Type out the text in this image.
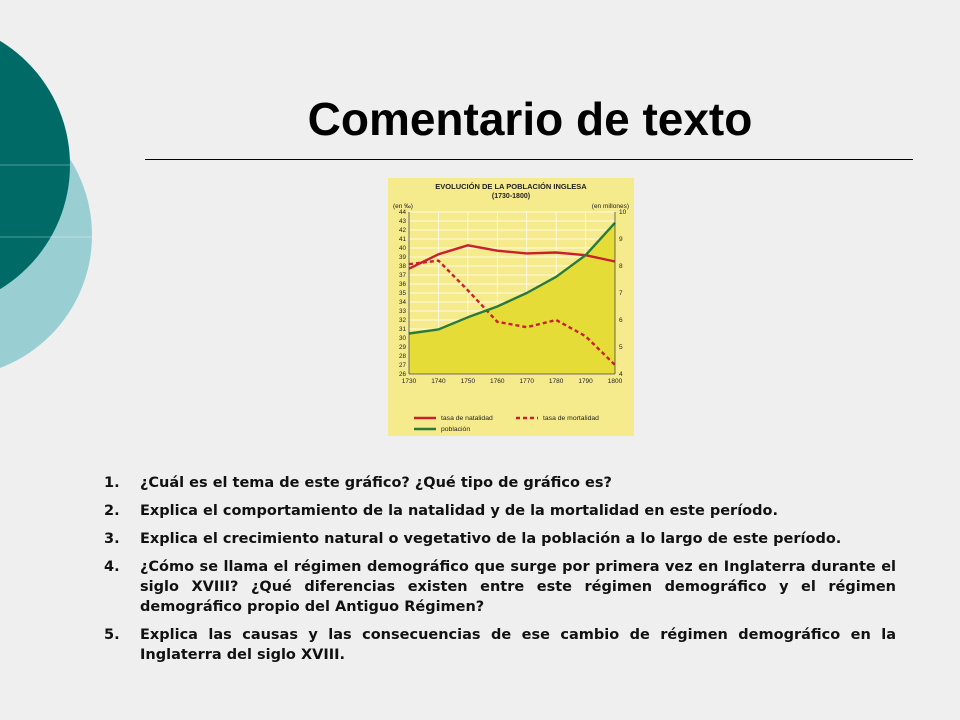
Comentario de texto
EVOLUCIÓN DE LA POBLACIÓN INGLESA
(1730-1800)
(en ‰)	(en millones)
26
27
28
29
30
31
32
33
34
35
36
37
38
39
40
41
42
43
44
4
5
6
7
8
9
10
1730 1740 1750 1760 1770 1780 1790 1800
tasa de natalidad	tasa de mortalidad
población
1.	¿Cuál es el tema de este gráfico? ¿Qué tipo de gráfico es?
2.	Explica el comportamiento de la natalidad y de la mortalidad en este período.
3.	Explica el crecimiento natural o vegetativo de la población a lo largo de este período.
4.	¿Cómo se llama el régimen demográfico que surge por primera vez en Inglaterra durante el siglo XVIII? ¿Qué diferencias existen entre este régimen demográfico y el régimen demográfico propio del Antiguo Régimen?
5.	Explica las causas y las consecuencias de ese cambio de régimen demográfico en la Inglaterra del siglo XVIII.
